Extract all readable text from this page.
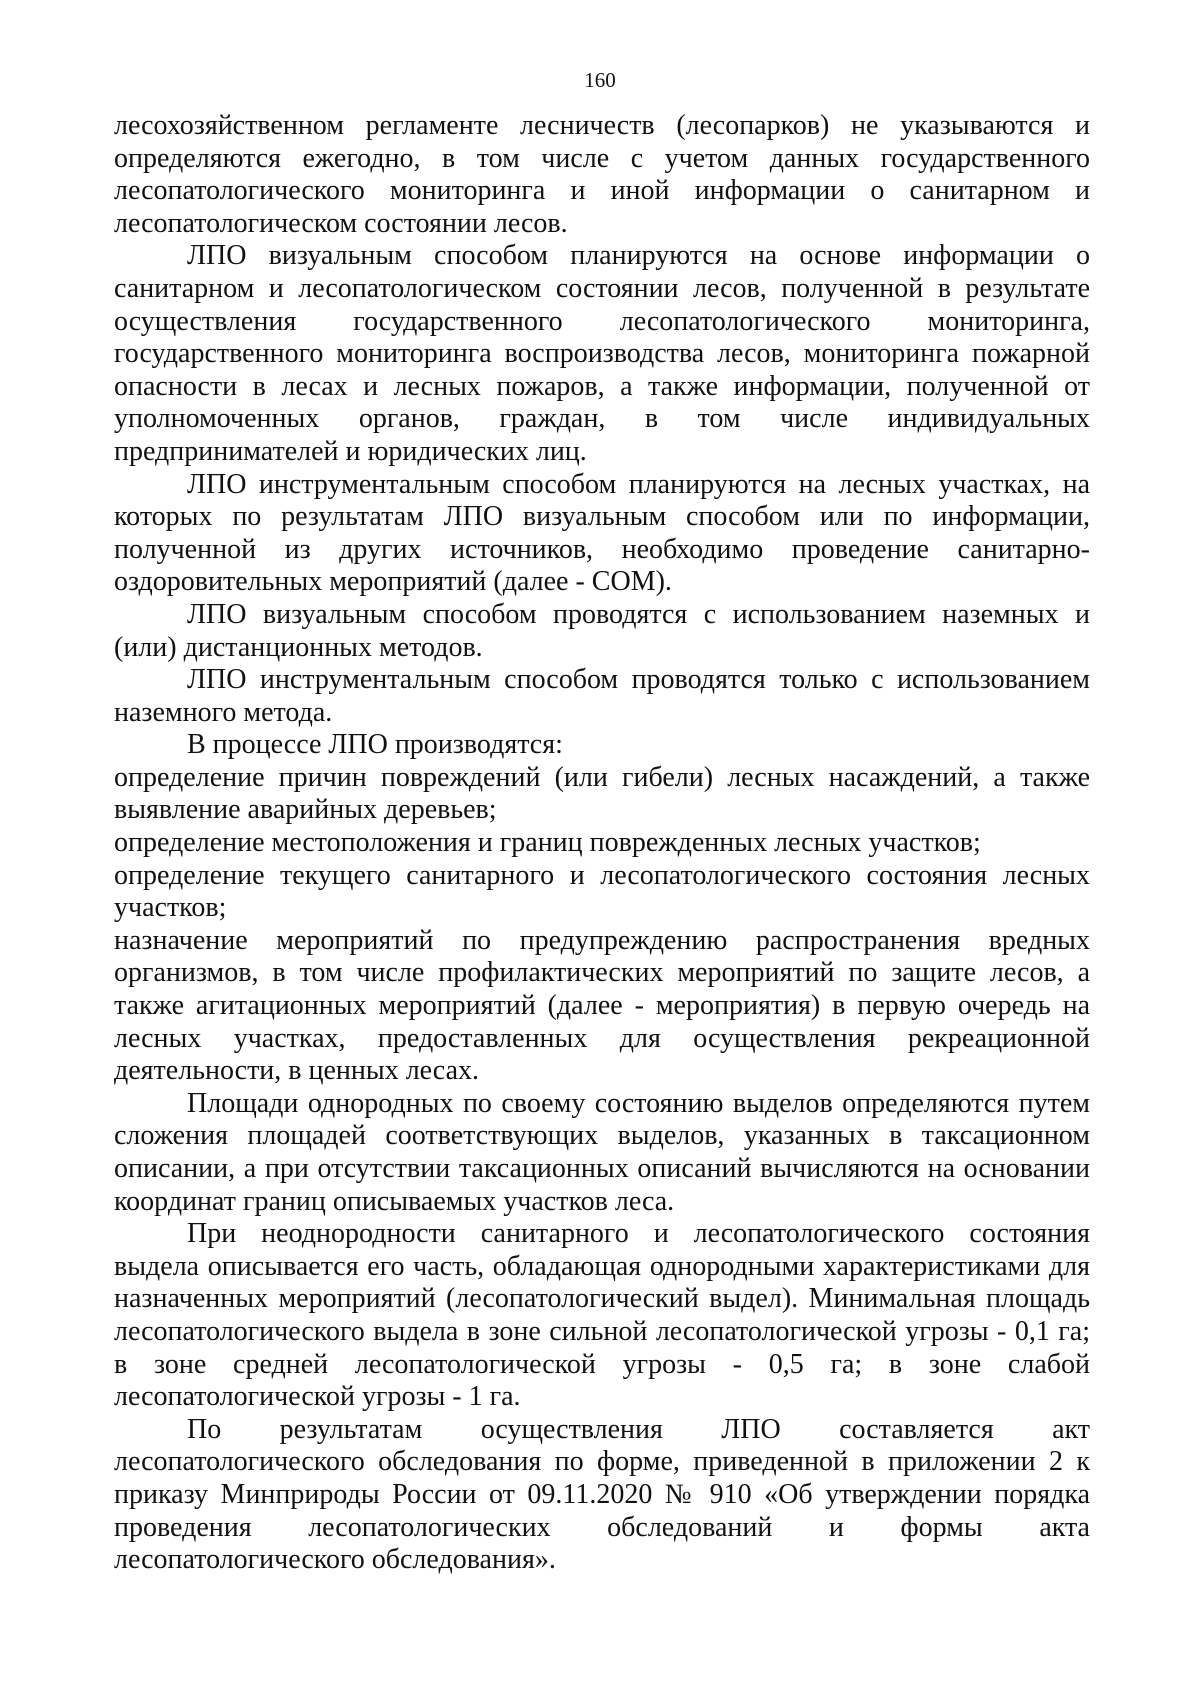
160

лесохозяйственном регламенте лесничеств (лесопарков) не указываются и определяются ежегодно, в том числе с учетом данных государственного лесопатологического мониторинга и иной информации о санитарном и лесопатологическом состоянии лесов.

ЛПО визуальным способом планируются на основе информации о санитарном и лесопатологическом состоянии лесов, полученной в результате осуществления государственного лесопатологического мониторинга, государственного мониторинга воспроизводства лесов, мониторинга пожарной опасности в лесах и лесных пожаров, а также информации, полученной от уполномоченных органов, граждан, в том числе индивидуальных предпринимателей и юридических лиц.

ЛПО инструментальным способом планируются на лесных участках, на которых по результатам ЛПО визуальным способом или по информации, полученной из других источников, необходимо проведение санитарно-оздоровительных мероприятий (далее - СОМ).

ЛПО визуальным способом проводятся с использованием наземных и (или) дистанционных методов.

ЛПО инструментальным способом проводятся только с использованием наземного метода.

В процессе ЛПО производятся:

определение причин повреждений (или гибели) лесных насаждений, а также выявление аварийных деревьев;

определение местоположения и границ поврежденных лесных участков;

определение текущего санитарного и лесопатологического состояния лесных участков;

назначение мероприятий по предупреждению распространения вредных организмов, в том числе профилактических мероприятий по защите лесов, а также агитационных мероприятий (далее - мероприятия) в первую очередь на лесных участках, предоставленных для осуществления рекреационной деятельности, в ценных лесах.

Площади однородных по своему состоянию выделов определяются путем сложения площадей соответствующих выделов, указанных в таксационном описании, а при отсутствии таксационных описаний вычисляются на основании координат границ описываемых участков леса.

При неоднородности санитарного и лесопатологического состояния выдела описывается его часть, обладающая однородными характеристиками для назначенных мероприятий (лесопатологический выдел). Минимальная площадь лесопатологического выдела в зоне сильной лесопатологической угрозы - 0,1 га; в зоне средней лесопатологической угрозы - 0,5 га; в зоне слабой лесопатологической угрозы - 1 га.

По результатам осуществления ЛПО составляется акт лесопатологического обследования по форме, приведенной в приложении 2 к приказу Минприроды России от 09.11.2020 № 910 «Об утверждении порядка проведения лесопатологических обследований и формы акта лесопатологического обследования».
